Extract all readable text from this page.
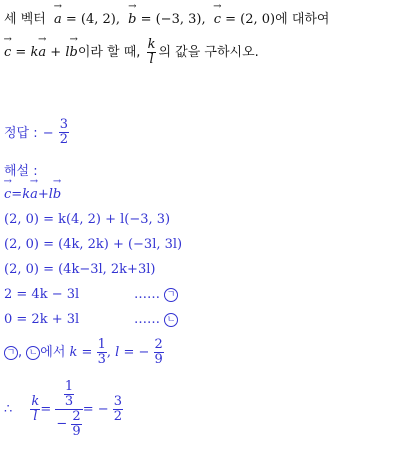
세 벡터 → a = (4, 2), → b = (−3, 3), → c = (2, 0)에 대하여
→ c = k→ a + l→ b이라 할 때, $\frac{k}{l}$ 의 값을 구하시오.
정답 : − $\frac{3}{2}$
해설 :
→ c=k→ a+l→ b
(2, 0) = k(4, 2) + l(−3, 3)
(2, 0) = (4k, 2k) + (−3l, 3l)
(2, 0) = (4k−3l, 2k+3l)
2 = 4k − 3l	…… ㄱ
0 = 2k + 3l	…… ㄴ
ㄱ , ㄴ 에서 $k = \frac{1}{3}$ , l = − $\frac{2}{9}$
∴ $\frac{k}{l} = \frac{\frac{1}{3}}{- \frac{2}{9}}$ = − $\frac{3}{2}$
